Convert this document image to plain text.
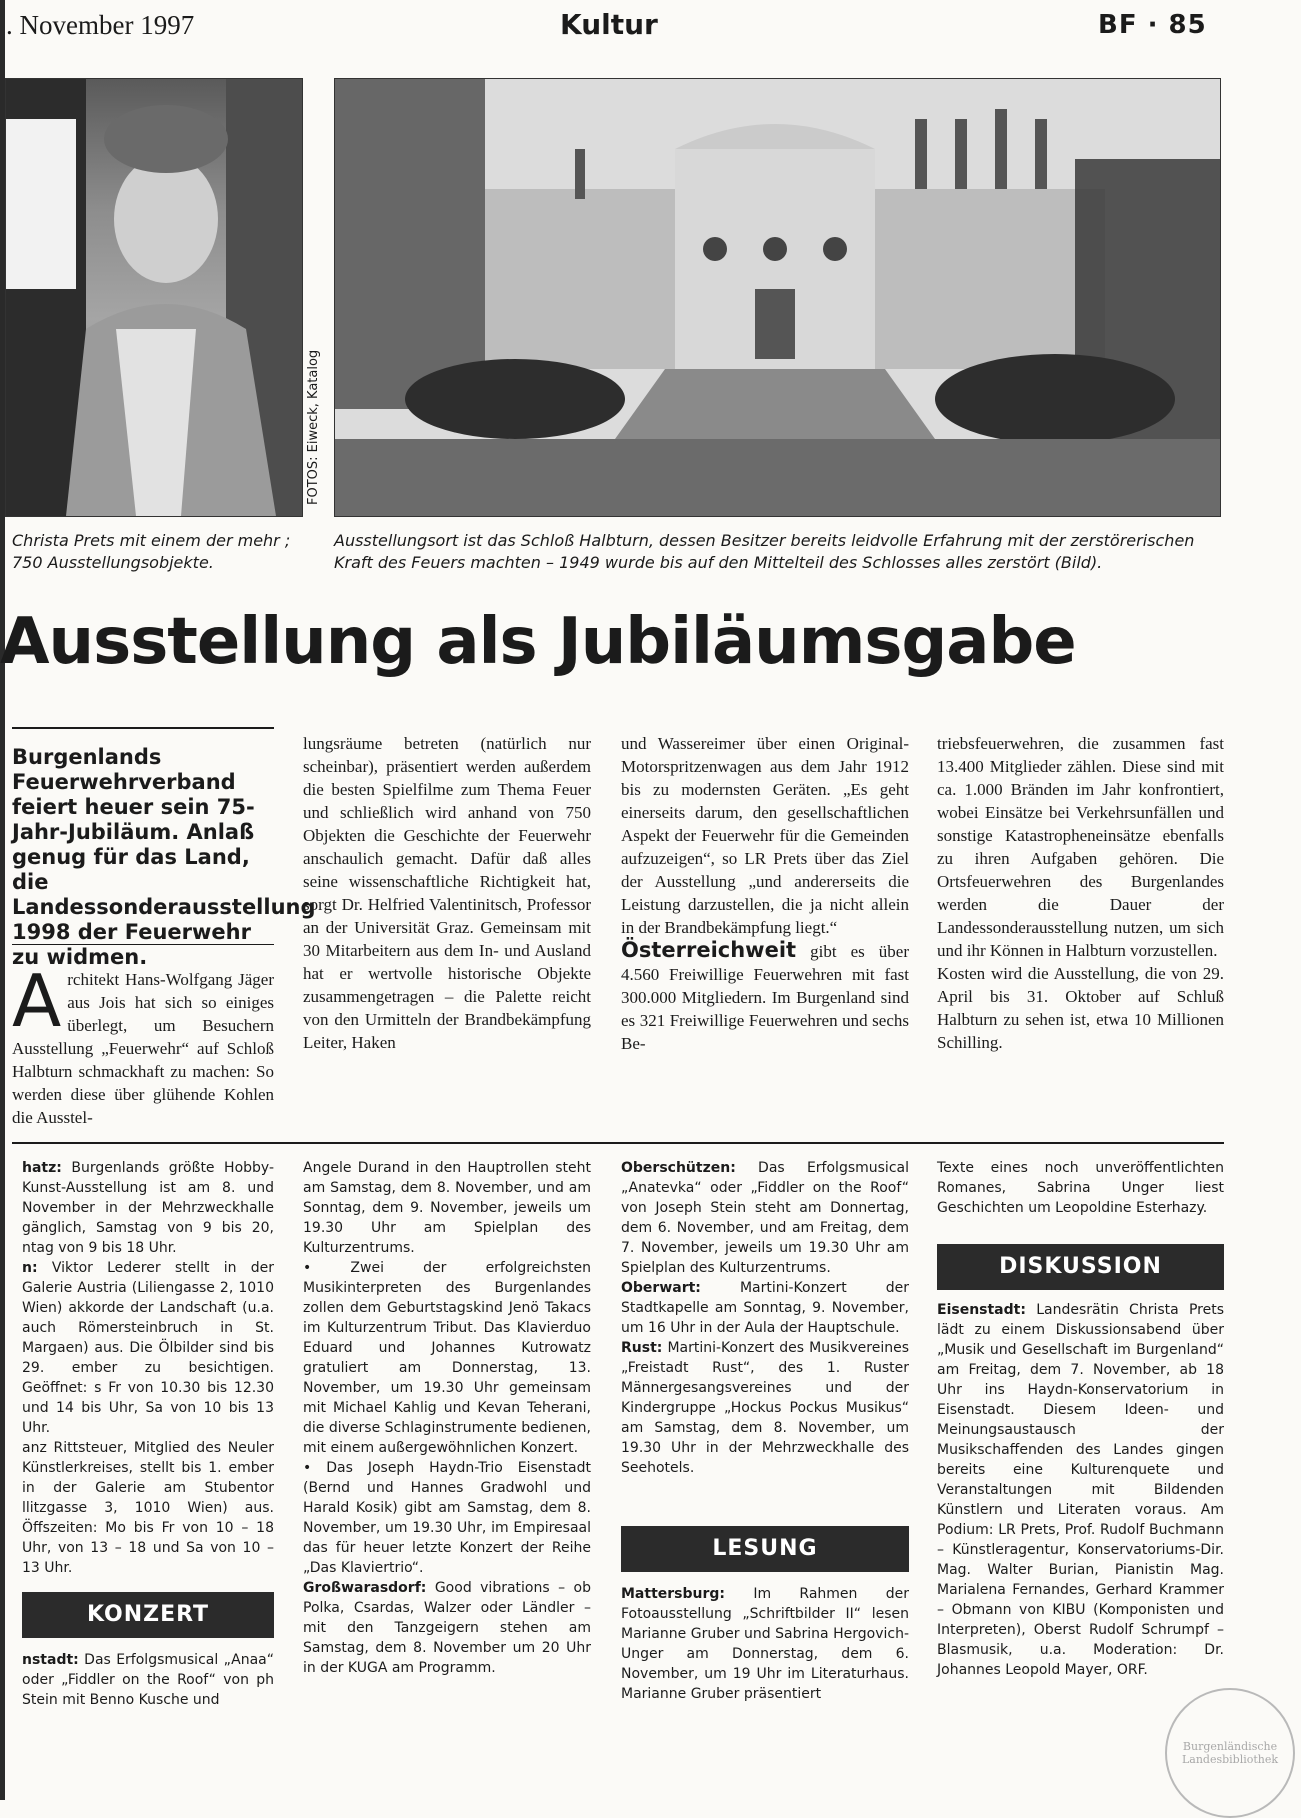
. November 1997	Kultur	BF · 85
FOTOS: Eiweck, Katalog
Christa Prets mit einem der mehr ; 750 Ausstellungsobjekte.
Ausstellungsort ist das Schloß Halbturn, dessen Besitzer bereits leidvolle Erfahrung mit der zerstörerischen Kraft des Feuers machten – 1949 wurde bis auf den Mittelteil des Schlosses alles zerstört (Bild).
Ausstellung als Jubiläumsgabe
Burgenlands Feuerwehrverband feiert heuer sein 75-Jahr-Jubiläum. Anlaß genug für das Land, die Landessonderausstellung 1998 der Feuerwehr zu widmen.
Architekt Hans-Wolfgang Jäger aus Jois hat sich so einiges überlegt, um Besuchern Ausstellung „Feuerwehr“ auf Schloß Halbturn schmackhaft zu machen: So werden diese über glühende Kohlen die Ausstel-
lungsräume betreten (natürlich nur scheinbar), präsentiert werden außerdem die besten Spielfilme zum Thema Feuer und schließlich wird anhand von 750 Objekten die Geschichte der Feuerwehr anschaulich gemacht. Dafür daß alles seine wissenschaftliche Richtigkeit hat, sorgt Dr. Helfried Valentinitsch, Professor an der Universität Graz. Gemeinsam mit 30 Mitarbeitern aus dem In- und Ausland hat er wertvolle historische Objekte zusammengetragen – die Palette reicht von den Urmitteln der Brandbekämpfung Leiter, Haken
und Wassereimer über einen Original-Motorspritzenwagen aus dem Jahr 1912 bis zu modernsten Geräten. „Es geht einerseits darum, den gesellschaftlichen Aspekt der Feuerwehr für die Gemeinden aufzuzeigen“, so LR Prets über das Ziel der Ausstellung „und andererseits die Leistung darzustellen, die ja nicht allein in der Brandbekämpfung liegt.“
Österreichweit gibt es über 4.560 Freiwillige Feuerwehren mit fast 300.000 Mitgliedern. Im Burgenland sind es 321 Freiwillige Feuerwehren und sechs Be-
triebsfeuerwehren, die zusammen fast 13.400 Mitglieder zählen. Diese sind mit ca. 1.000 Bränden im Jahr konfrontiert, wobei Einsätze bei Verkehrsunfällen und sonstige Katastropheneinsätze ebenfalls zu ihren Aufgaben gehören. Die Ortsfeuerwehren des Burgenlandes werden die Dauer der Landessonderausstellung nutzen, um sich und ihr Können in Halbturn vorzustellen.
Kosten wird die Ausstellung, die von 29. April bis 31. Oktober auf Schluß Halbturn zu sehen ist, etwa 10 Millionen Schilling.

hatz: Burgenlands größte Hobby-Kunst-Ausstellung ist am 8. und November in der Mehrzweckhalle gänglich, Samstag von 9 bis 20, ntag von 9 bis 18 Uhr.

n: Viktor Lederer stellt in der Galerie Austria (Liliengasse 2, 1010 Wien) akkorde der Landschaft (u.a. auch Römersteinbruch in St. Margaen) aus. Die Ölbilder sind bis 29. ember zu besichtigen. Geöffnet: s Fr von 10.30 bis 12.30 und 14 bis Uhr, Sa von 10 bis 13 Uhr.

anz Rittsteuer, Mitglied des Neuler Künstlerkreises, stellt bis 1. ember in der Galerie am Stubentor llitzgasse 3, 1010 Wien) aus. Öffszeiten: Mo bis Fr von 10 – 18 Uhr, von 13 – 18 und Sa von 10 – 13 Uhr.

KONZERT

nstadt: Das Erfolgsmusical „Anaa“ oder „Fiddler on the Roof“ von ph Stein mit Benno Kusche und

Angele Durand in den Hauptrollen steht am Samstag, dem 8. November, und am Sonntag, dem 9. November, jeweils um 19.30 Uhr am Spielplan des Kulturzentrums.

• Zwei der erfolgreichsten Musikinterpreten des Burgenlandes zollen dem Geburtstagskind Jenö Takacs im Kulturzentrum Tribut. Das Klavierduo Eduard und Johannes Kutrowatz gratuliert am Donnerstag, 13. November, um 19.30 Uhr gemeinsam mit Michael Kahlig und Kevan Teherani, die diverse Schlaginstrumente bedienen, mit einem außergewöhnlichen Konzert.

• Das Joseph Haydn-Trio Eisenstadt (Bernd und Hannes Gradwohl und Harald Kosik) gibt am Samstag, dem 8. November, um 19.30 Uhr, im Empiresaal das für heuer letzte Konzert der Reihe „Das Klaviertrio“.

Großwarasdorf: Good vibrations – ob Polka, Csardas, Walzer oder Ländler – mit den Tanzgeigern stehen am Samstag, dem 8. November um 20 Uhr in der KUGA am Programm.

Oberschützen: Das Erfolgsmusical „Anatevka“ oder „Fiddler on the Roof“ von Joseph Stein steht am Donnertag, dem 6. November, und am Freitag, dem 7. November, jeweils um 19.30 Uhr am Spielplan des Kulturzentrums.

Oberwart: Martini-Konzert der Stadtkapelle am Sonntag, 9. November, um 16 Uhr in der Aula der Hauptschule.

Rust: Martini-Konzert des Musikvereines „Freistadt Rust“, des 1. Ruster Männergesangsvereines und der Kindergruppe „Hockus Pockus Musikus“ am Samstag, dem 8. November, um 19.30 Uhr in der Mehrzweckhalle des Seehotels.

LESUNG

Mattersburg: Im Rahmen der Fotoausstellung „Schriftbilder II“ lesen Marianne Gruber und Sabrina Hergovich-Unger am Donnerstag, dem 6. November, um 19 Uhr im Literaturhaus. Marianne Gruber präsentiert

Texte eines noch unveröffentlichten Romanes, Sabrina Unger liest Geschichten um Leopoldine Esterhazy.

DISKUSSION

Eisenstadt: Landesrätin Christa Prets lädt zu einem Diskussionsabend über „Musik und Gesellschaft im Burgenland“ am Freitag, dem 7. November, ab 18 Uhr ins Haydn-Konservatorium in Eisenstadt. Diesem Ideen- und Meinungsaustausch der Musikschaffenden des Landes gingen bereits eine Kulturenquete und Veranstaltungen mit Bildenden Künstlern und Literaten voraus. Am Podium: LR Prets, Prof. Rudolf Buchmann – Künstleragentur, Konservatoriums-Dir. Mag. Walter Burian, Pianistin Mag. Marialena Fernandes, Gerhard Krammer – Obmann von KIBU (Komponisten und Interpreten), Oberst Rudolf Schrumpf – Blasmusik, u.a. Moderation: Dr. Johannes Leopold Mayer, ORF.

Burgenländische Landesbibliothek
